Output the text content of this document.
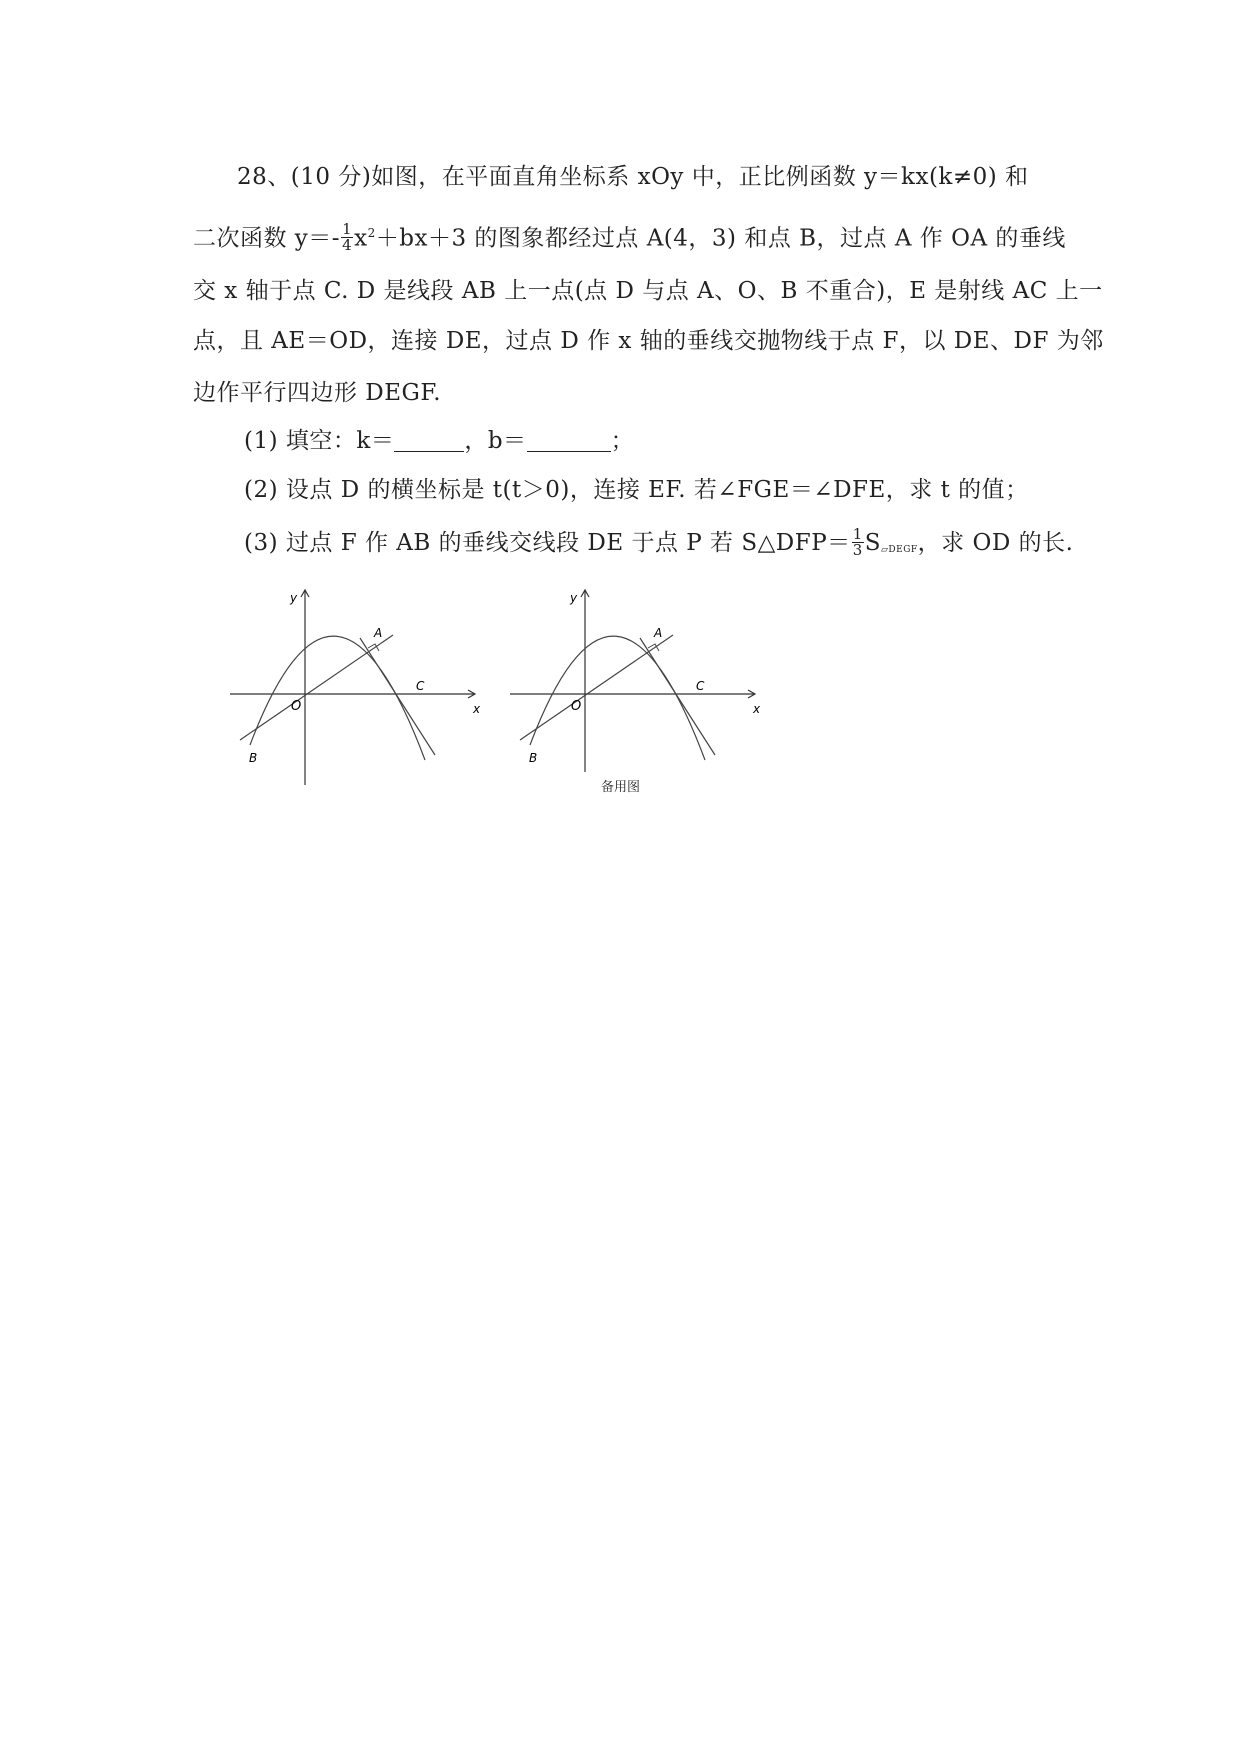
28、(10 分)如图，在平面直角坐标系 xOy 中，正比例函数 y＝kx(k≠0) 和
二次函数 $y=- \frac{1}{4} x^2+bx+3$ 的图象都经过点 A(4，3) 和点 B，过点 A 作 OA 的垂线
交 x 轴于点 C. D 是线段 AB 上一点(点 D 与点 A、O、B 不重合)，E 是射线 AC 上一
点，且 AE＝OD，连接 DE，过点 D 作 x 轴的垂线交抛物线于点 F，以 DE、DF 为邻
边作平行四边形 DEGF.
(1) 填空：k＝	，b＝	；
(2) 设点 D 的横坐标是 t(t＞0)，连接 EF. 若∠FGE＝∠DFE，求 t 的值；
(3) 过点 F 作 AB 的垂线交线段 DE 于点 P 若 S△DFP＝ $\frac{1}{3}$ S▱DEGF，求 OD 的长.
y
x
O
A
B
C
y
x
O
A
B
C
备用图
